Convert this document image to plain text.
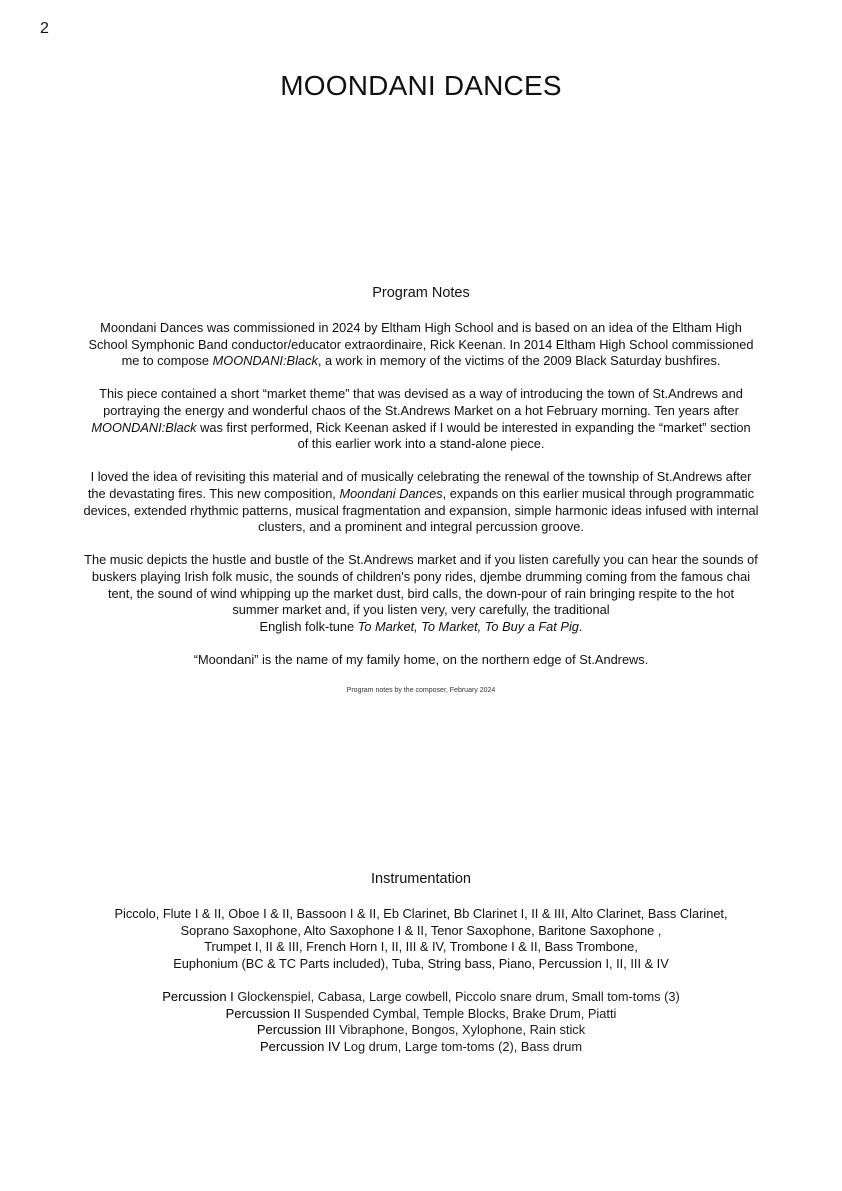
2
MOONDANI DANCES
Program Notes

Moondani Dances was commissioned in 2024 by Eltham High School and is based on an idea of the Eltham High
School Symphonic Band conductor/educator extraordinaire, Rick Keenan. In 2014 Eltham High School commissioned
me to compose MOONDANI:Black, a work in memory of the victims of the 2009 Black Saturday bushfires.

This piece contained a short “market theme” that was devised as a way of introducing the town of St.Andrews and
portraying the energy and wonderful chaos of the St.Andrews Market on a hot February morning. Ten years after
MOONDANI:Black was first performed, Rick Keenan asked if I would be interested in expanding the “market” section
of this earlier work into a stand-alone piece.

I loved the idea of revisiting this material and of musically celebrating the renewal of the township of St.Andrews after
the devastating fires. This new composition, Moondani Dances, expands on this earlier musical through programmatic
devices, extended rhythmic patterns, musical fragmentation and expansion, simple harmonic ideas infused with internal
clusters, and a prominent and integral percussion groove.

The music depicts the hustle and bustle of the St.Andrews market and if you listen carefully you can hear the sounds of
buskers playing Irish folk music, the sounds of children's pony rides, djembe drumming coming from the famous chai
tent, the sound of wind whipping up the market dust, bird calls, the down-pour of rain bringing respite to the hot
summer market and, if you listen very, very carefully, the traditional
English folk-tune To Market, To Market, To Buy a Fat Pig.

“Moondani” is the name of my family home, on the northern edge of St.Andrews.

Program notes by the composer, February 2024
Instrumentation

Piccolo, Flute I & II, Oboe I & II, Bassoon I & II, Eb Clarinet, Bb Clarinet I, II & III, Alto Clarinet, Bass Clarinet,
Soprano Saxophone, Alto Saxophone I & II, Tenor Saxophone, Baritone Saxophone ,
Trumpet I, II & III, French Horn I, II, III & IV, Trombone I & II, Bass Trombone,
Euphonium (BC & TC Parts included), Tuba, String bass, Piano, Percussion I, II, III & IV

Percussion I Glockenspiel, Cabasa, Large cowbell, Piccolo snare drum, Small tom-toms (3)
Percussion II Suspended Cymbal, Temple Blocks, Brake Drum, Piatti
Percussion III Vibraphone, Bongos, Xylophone, Rain stick
Percussion IV Log drum, Large tom-toms (2), Bass drum
